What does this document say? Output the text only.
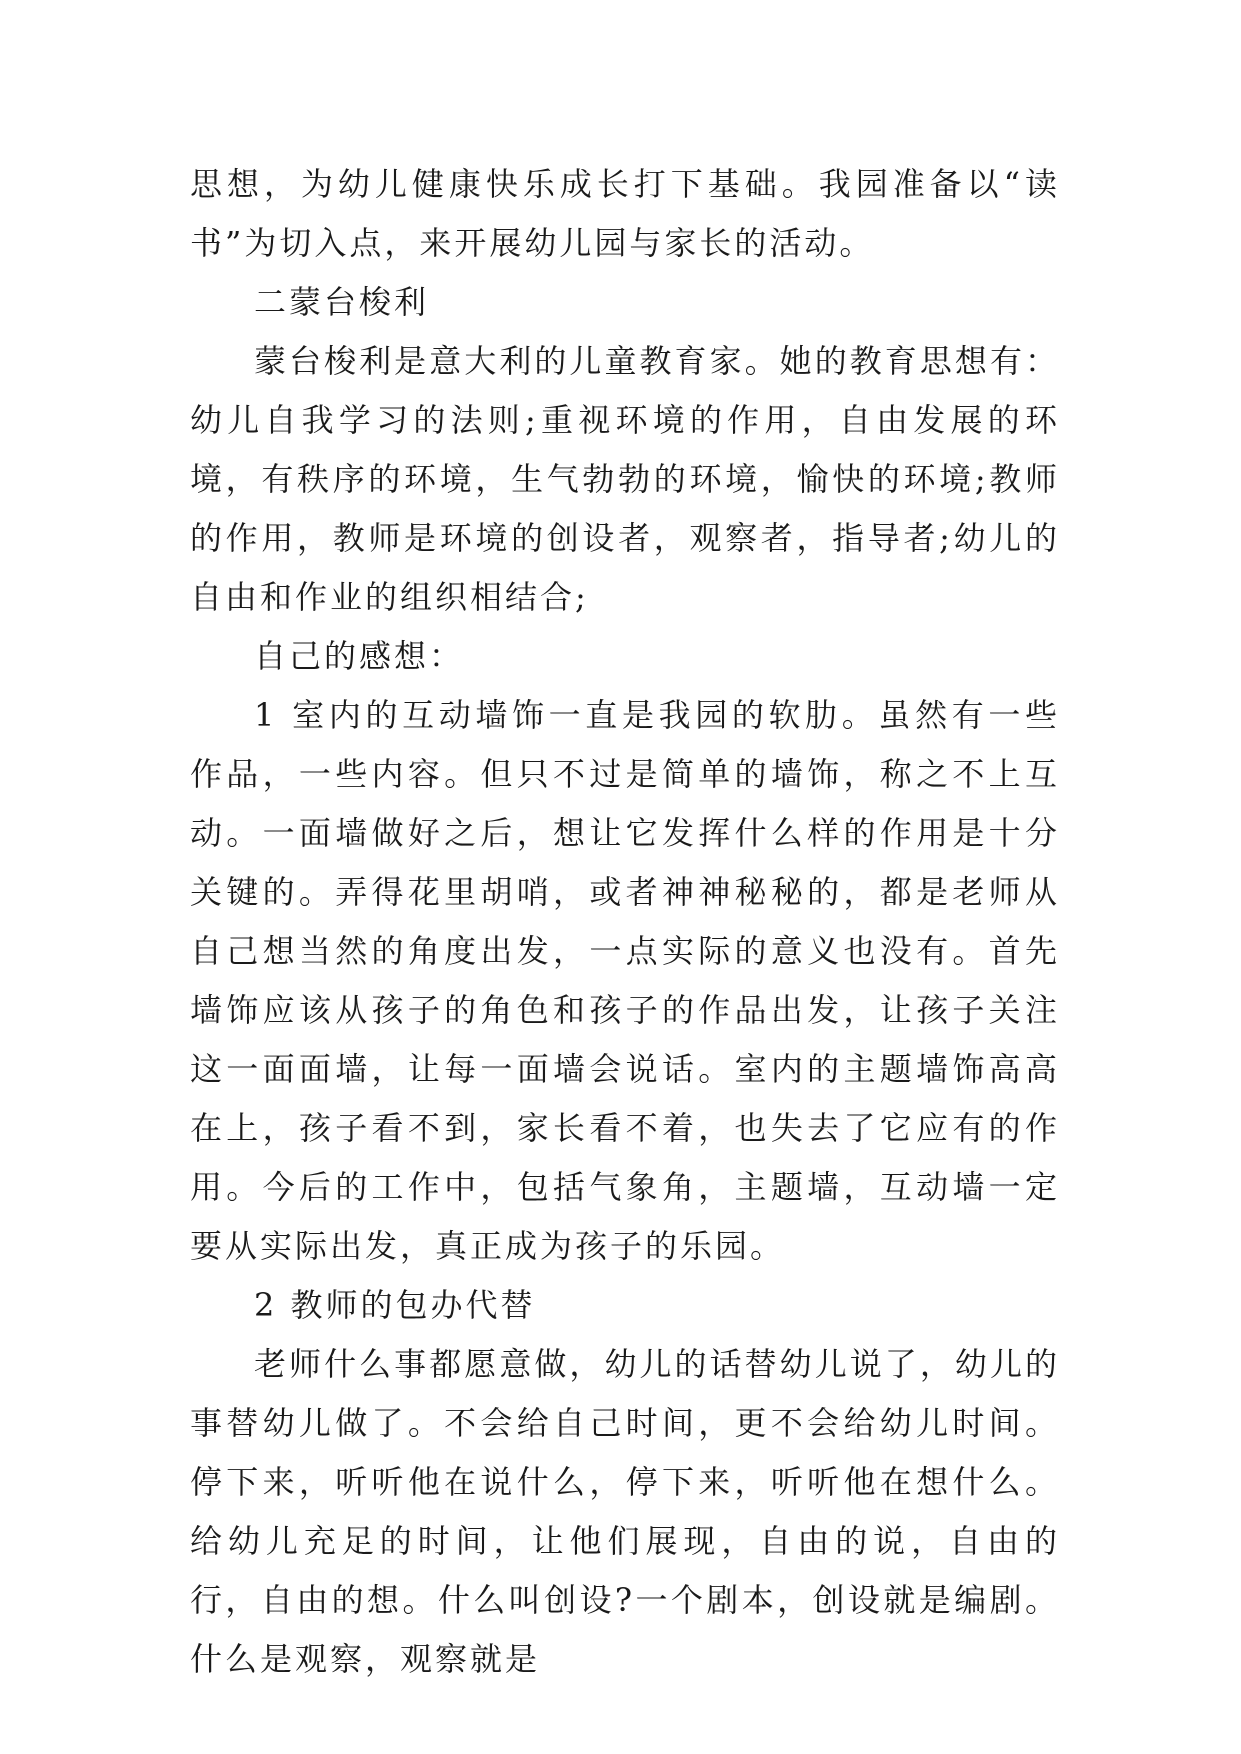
思想，为幼儿健康快乐成长打下基础。我园准备以“读书”为切入点，来开展幼儿园与家长的活动。

二蒙台梭利

蒙台梭利是意大利的儿童教育家。她的教育思想有：幼儿自我学习的法则;重视环境的作用，自由发展的环境，有秩序的环境，生气勃勃的环境，愉快的环境;教师的作用，教师是环境的创设者，观察者，指导者;幼儿的自由和作业的组织相结合;

自己的感想：

1 室内的互动墙饰一直是我园的软肋。虽然有一些作品，一些内容。但只不过是简单的墙饰，称之不上互动。一面墙做好之后，想让它发挥什么样的作用是十分关键的。弄得花里胡哨，或者神神秘秘的，都是老师从自己想当然的角度出发，一点实际的意义也没有。首先墙饰应该从孩子的角色和孩子的作品出发，让孩子关注这一面面墙，让每一面墙会说话。室内的主题墙饰高高在上，孩子看不到，家长看不着，也失去了它应有的作用。今后的工作中，包括气象角，主题墙，互动墙一定要从实际出发，真正成为孩子的乐园。

2 教师的包办代替

老师什么事都愿意做，幼儿的话替幼儿说了，幼儿的事替幼儿做了。不会给自己时间，更不会给幼儿时间。停下来，听听他在说什么，停下来，听听他在想什么。给幼儿充足的时间，让他们展现，自由的说，自由的行，自由的想。什么叫创设?一个剧本，创设就是编剧。什么是观察，观察就是
